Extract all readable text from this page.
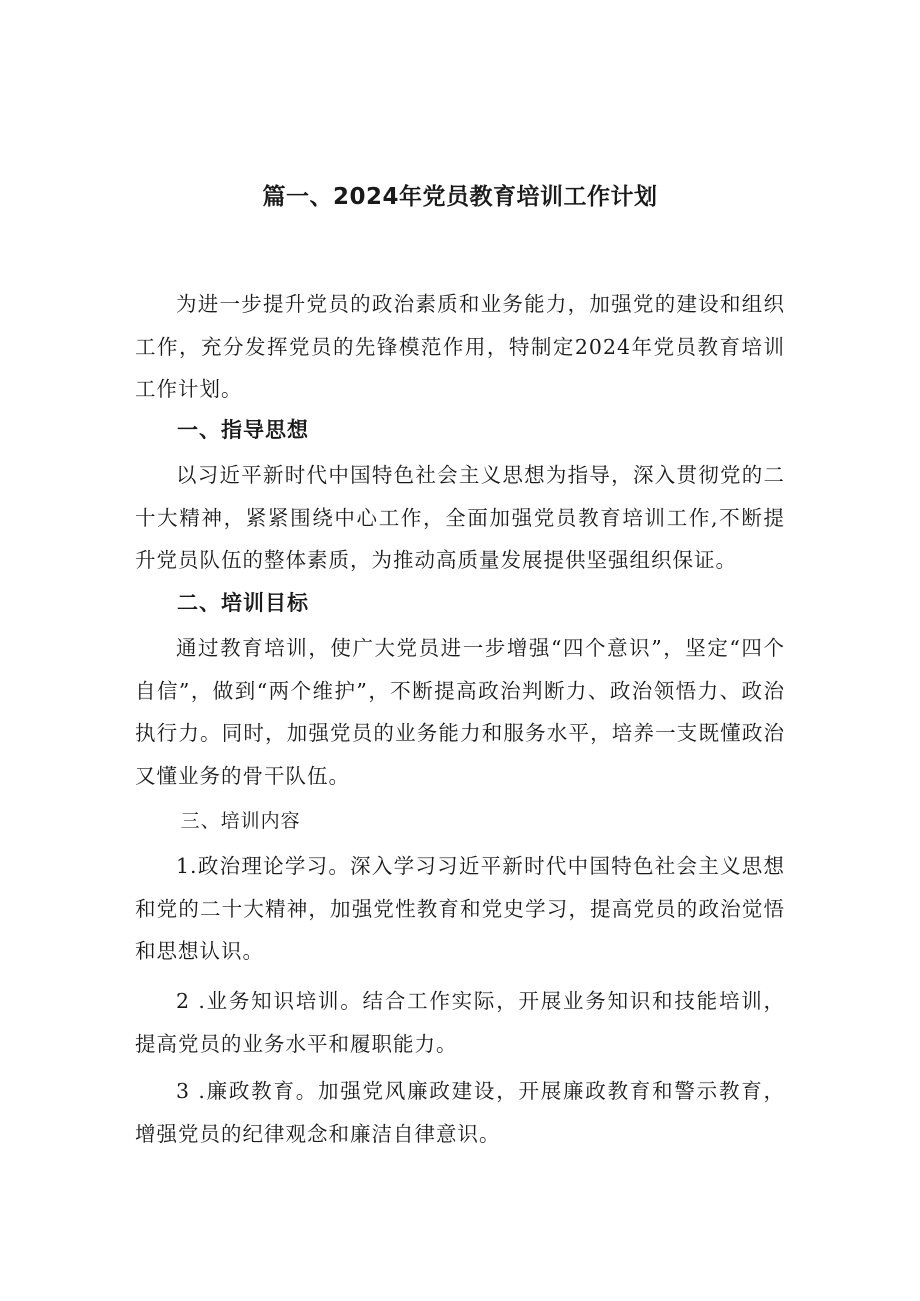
篇一、2024年党员教育培训工作计划

为进一步提升党员的政治素质和业务能力，加强党的建设和组织工作，充分发挥党员的先锋模范作用，特制定2024年党员教育培训工作计划。

一、指导思想

以习近平新时代中国特色社会主义思想为指导，深入贯彻党的二十大精神，紧紧围绕中心工作，全面加强党员教育培训工作,不断提升党员队伍的整体素质，为推动高质量发展提供坚强组织保证。

二、培训目标

通过教育培训，使广大党员进一步增强“四个意识”，坚定“四个自信”，做到“两个维护”，不断提高政治判断力、政治领悟力、政治执行力。同时，加强党员的业务能力和服务水平，培养一支既懂政治又懂业务的骨干队伍。

三、培训内容

1.政治理论学习。深入学习习近平新时代中国特色社会主义思想和党的二十大精神，加强党性教育和党史学习，提高党员的政治觉悟和思想认识。

2 .业务知识培训。结合工作实际，开展业务知识和技能培训，提高党员的业务水平和履职能力。

3 .廉政教育。加强党风廉政建设，开展廉政教育和警示教育，增强党员的纪律观念和廉洁自律意识。
